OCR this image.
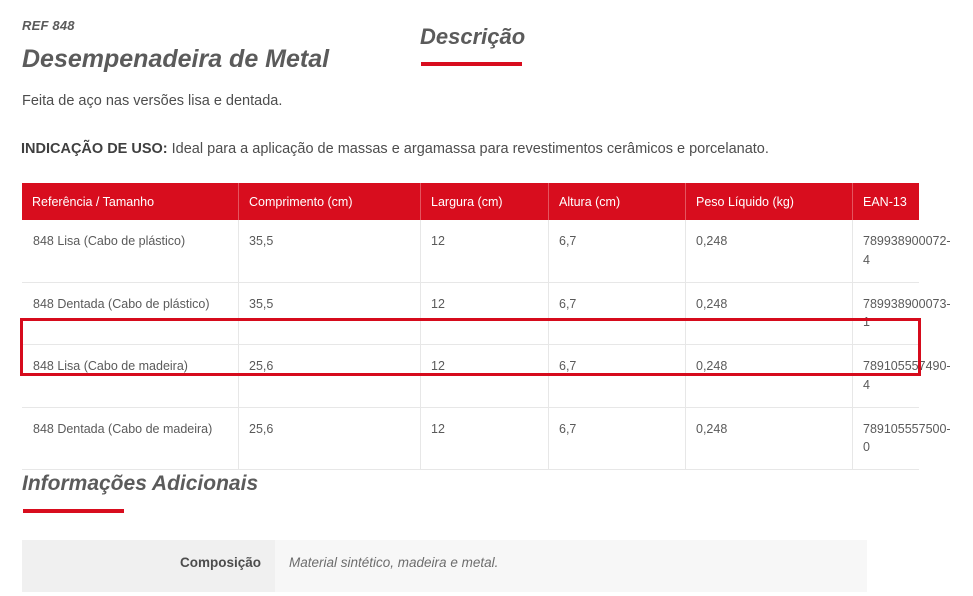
REF 848
Desempenadeira de Metal
Descrição
Feita de aço nas versões lisa e dentada.
INDICAÇÃO DE USO: Ideal para a aplicação de massas e argamassa para revestimentos cerâmicos e porcelanato.
Referência / Tamanho	Comprimento (cm)	Largura (cm)	Altura (cm)	Peso Líquido (kg)	EAN-13
848 Lisa (Cabo de plástico)	35,5	12	6,7	0,248	789938900072-4
848 Dentada (Cabo de plástico)	35,5	12	6,7	0,248	789938900073-1
848 Lisa (Cabo de madeira)	25,6	12	6,7	0,248	789105557490-4
848 Dentada (Cabo de madeira)	25,6	12	6,7	0,248	789105557500-0
Informações Adicionais
Composição	Material sintético, madeira e metal.
